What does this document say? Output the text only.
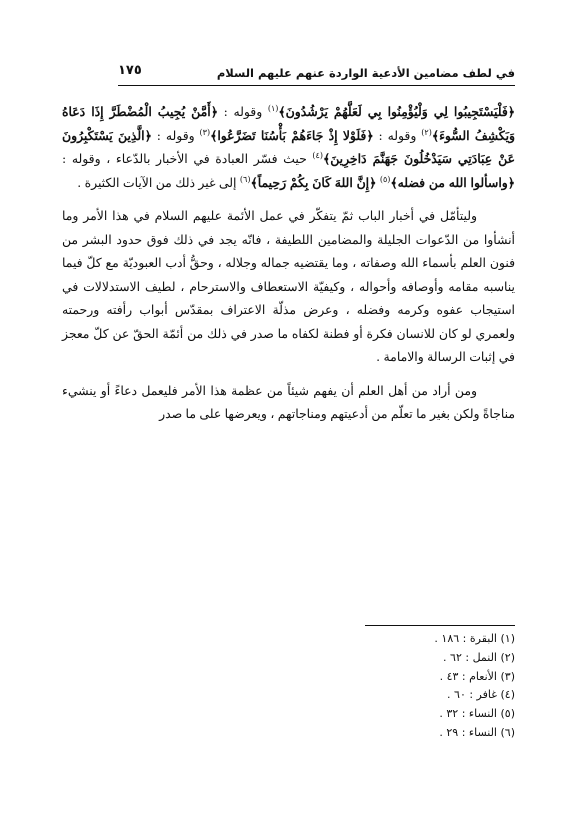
في لطف مضامين الأدعية الواردة عنهم عليهم السلام
١٧٥

﴿فَلْيَسْتَجِيبُوا لِي وَلْيُؤْمِنُوا بِي لَعَلَّهُمْ يَرْشُدُونَ﴾$^{(١)}$ وقوله : ﴿أَمَّنْ يُجِيبُ الْمُضْطَرَّ إِذَا دَعَاهُ وَيَكْشِفُ السُّوءَ﴾$^{(٢)}$ وقوله : ﴿فَلَوْلا إِذْ جَاءَهُمْ بَأْسُنَا تَضَرَّعُوا﴾$^{(٣)}$ وقوله : ﴿الَّذِينَ يَسْتَكْبِرُونَ عَنْ عِبَادَتِي سَيَدْخُلُونَ جَهَنَّمَ دَاخِرِينَ﴾$^{(٤)}$ حيث فسّر العبادة في الأخبار بالدّعاء ، وقوله : ﴿واسألوا الله من فضله﴾$^{(٥)}$ ﴿إِنَّ اللهَ كَانَ بِكُمْ رَحِيماً﴾$^{(٦)}$ إلى غير ذلك من الآيات الكثيرة .

وليتأمّل في أخبار الباب ثمّ يتفكّر في عمل الأئمة عليهم السلام في هذا الأمر وما أنشأوا من الدّعوات الجليلة والمضامين اللطيفة ، فانّه يجد في ذلك فوق حدود البشر من فنون العلم بأسماء الله وصفاته ، وما يقتضيه جماله وجلاله ، وحقُّ أدب العبوديّة مع كلّ فيما يناسبه مقامه وأوصافه وأحواله ، وكيفيّة الاستعطاف والاسترحام ، لطيف الاستدلالات في استيجاب عفوه وكرمه وفضله ، وعرض مذلّة الاعتراف بمقدّس أبواب رأفته ورحمته ولعمري لو كان للانسان فكرة أو فطنة لكفاه ما صدر في ذلك من أئمّة الحقّ عن كلّ معجز في إثبات الرسالة والامامة .

ومن أراد من أهل العلم أن يفهم شيئاً من عظمة هذا الأمر فليعمل دعاءً أو ينشيء مناجاةً ولكن بغير ما تعلّم من أدعيتهم ومناجاتهم ، ويعرضها على ما صدر

(١) البقرة : ١٨٦ .
(٢) النمل : ٦٢ .
(٣) الأنعام : ٤٣ .
(٤) غافر : ٦٠ .
(٥) النساء : ٣٢ .
(٦) النساء : ٢٩ .
